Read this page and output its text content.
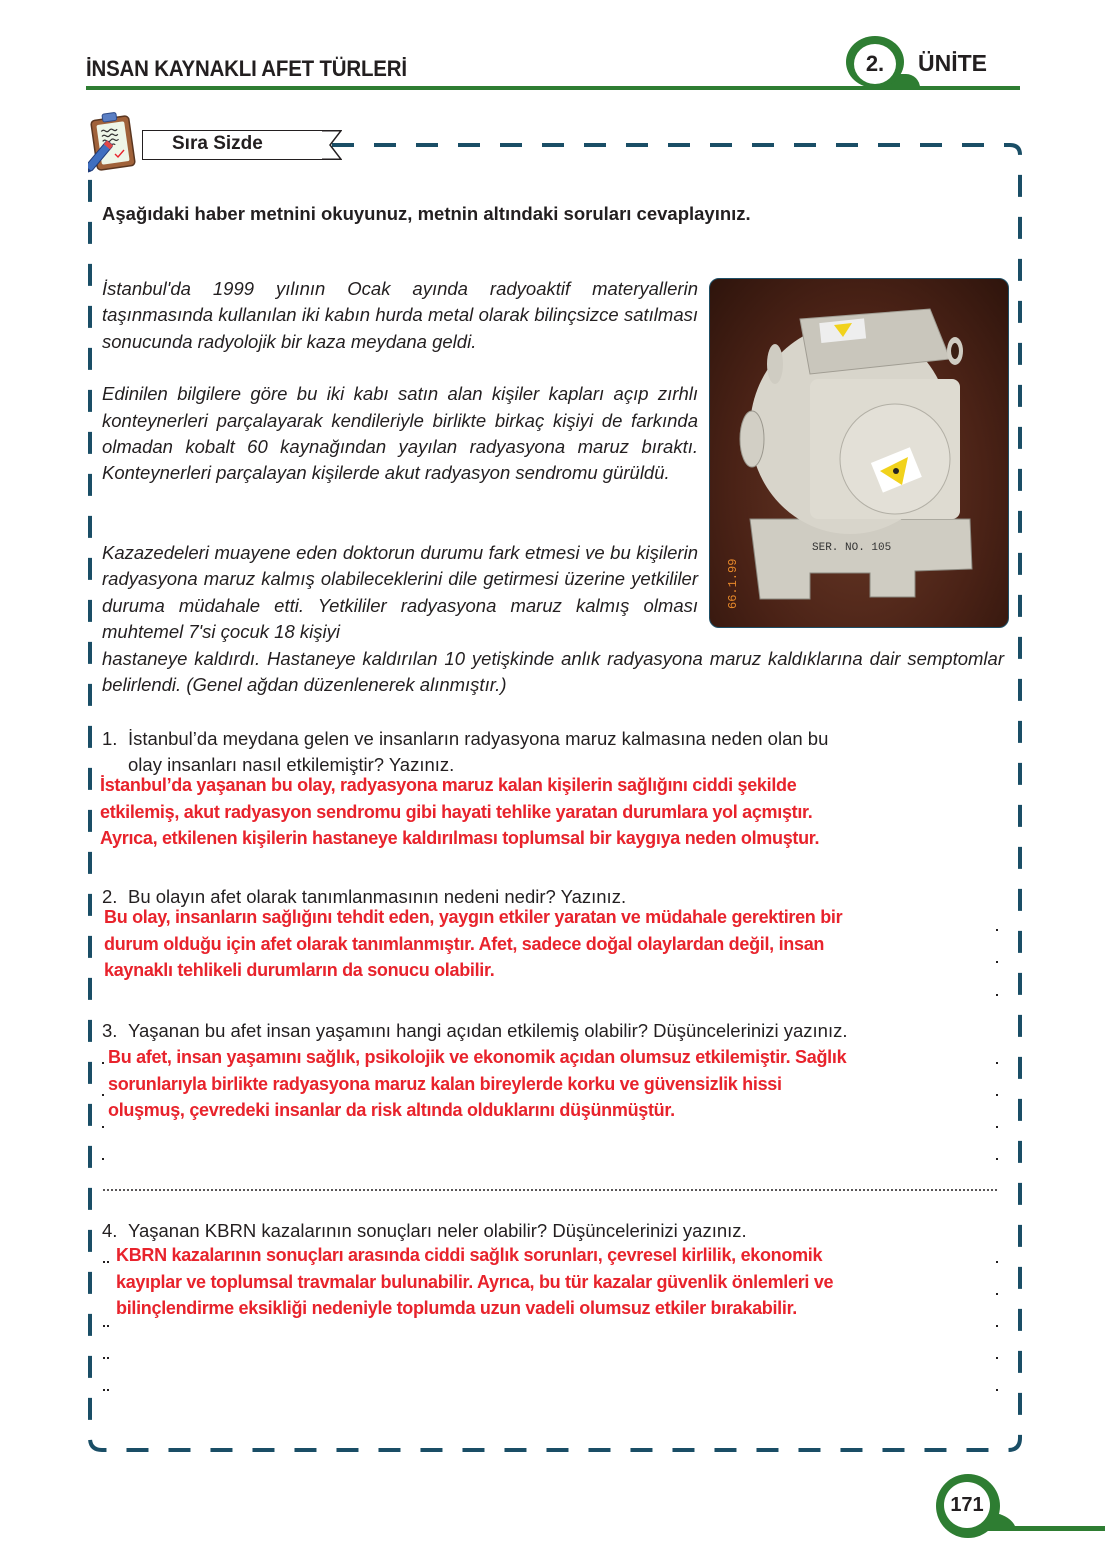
İNSAN KAYNAKLI AFET TÜRLERİ	2.	ÜNİTE
Sıra Sizde
Aşağıdaki haber metnini okuyunuz, metnin altındaki soruları cevaplayınız.

İstanbul'da 1999 yılının Ocak ayında radyoaktif materyallerin taşınmasında kullanılan iki kabın hurda metal olarak bilinçsizce satılması sonucunda radyolojik bir kaza meydana geldi.

Edinilen bilgilere göre bu iki kabı satın alan kişiler kapları açıp zırhlı konteynerleri parçalayarak kendileriyle birlikte birkaç kişiyi de farkında olmadan kobalt 60 kaynağından yayılan radyasyona maruz bıraktı. Konteynerleri parçalayan kişilerde akut radyasyon sendromu gürüldü.

Kazazedeleri muayene eden doktorun durumu fark etmesi ve bu kişilerin radyasyona maruz kalmış olabileceklerini dile getirmesi üzerine yetkililer duruma müdahale etti. Yetkililer radyasyona maruz kalmış olması muhtemel 7'si çocuk 18 kişiyi
hastaneye kaldırdı. Hastaneye kaldırılan 10 yetişkinde anlık radyasyona maruz kaldıklarına dair semptomlar belirlendi. (Genel ağdan düzenlenerek alınmıştır.)
SER. NO. 105
66.1.99
1. İstanbul’da meydana gelen ve insanların radyasyona maruz kalmasına neden olan bu
olay insanları nasıl etkilemiştir? Yazınız.
İstanbul’da yaşanan bu olay, radyasyona maruz kalan kişilerin sağlığını ciddi şekilde
etkilemiş, akut radyasyon sendromu gibi hayati tehlike yaratan durumlara yol açmıştır.
Ayrıca, etkilenen kişilerin hastaneye kaldırılması toplumsal bir kaygıya neden olmuştur.
2. Bu olayın afet olarak tanımlanmasının nedeni nedir? Yazınız.
Bu olay, insanların sağlığını tehdit eden, yaygın etkiler yaratan ve müdahale gerektiren bir
durum olduğu için afet olarak tanımlanmıştır. Afet, sadece doğal olaylardan değil, insan
kaynaklı tehlikeli durumların da sonucu olabilir.
3. Yaşanan bu afet insan yaşamını hangi açıdan etkilemiş olabilir? Düşüncelerinizi yazınız.
Bu afet, insan yaşamını sağlık, psikolojik ve ekonomik açıdan olumsuz etkilemiştir. Sağlık
sorunlarıyla birlikte radyasyona maruz kalan bireylerde korku ve güvensizlik hissi
oluşmuş, çevredeki insanlar da risk altında olduklarını düşünmüştür.
4. Yaşanan KBRN kazalarının sonuçları neler olabilir? Düşüncelerinizi yazınız.
KBRN kazalarının sonuçları arasında ciddi sağlık sorunları, çevresel kirlilik, ekonomik
kayıplar ve toplumsal travmalar bulunabilir. Ayrıca, bu tür kazalar güvenlik önlemleri ve
bilinçlendirme eksikliği nedeniyle toplumda uzun vadeli olumsuz etkiler bırakabilir.
171
